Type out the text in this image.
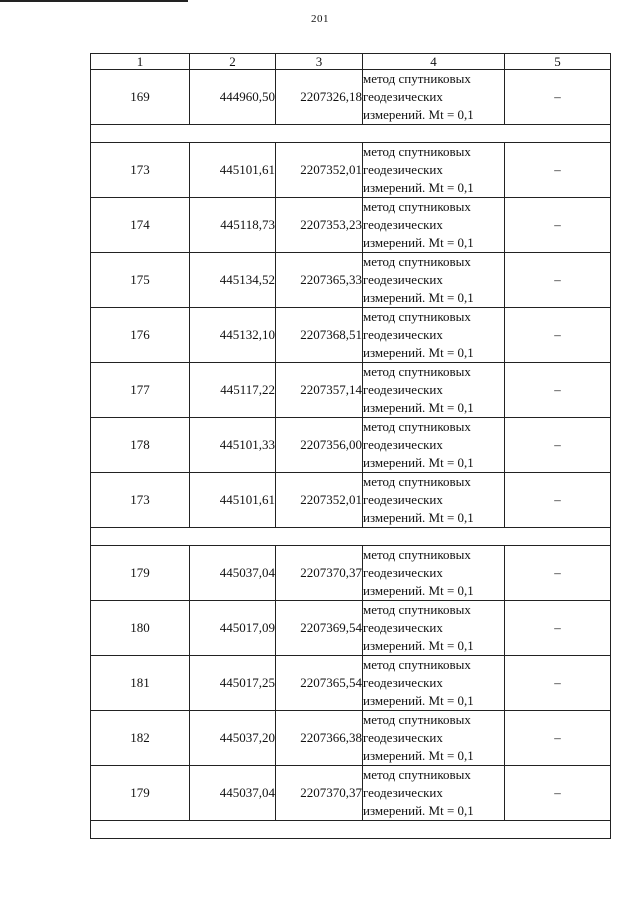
201
1	2	3	4	5
169	444960,50	2207326,18	метод спутниковых
геодезических
измерений. Mt = 0,1	–

173	445101,61	2207352,01	метод спутниковых
геодезических
измерений. Mt = 0,1	–
174	445118,73	2207353,23	метод спутниковых
геодезических
измерений. Mt = 0,1	–
175	445134,52	2207365,33	метод спутниковых
геодезических
измерений. Mt = 0,1	–
176	445132,10	2207368,51	метод спутниковых
геодезических
измерений. Mt = 0,1	–
177	445117,22	2207357,14	метод спутниковых
геодезических
измерений. Mt = 0,1	–
178	445101,33	2207356,00	метод спутниковых
геодезических
измерений. Mt = 0,1	–
173	445101,61	2207352,01	метод спутниковых
геодезических
измерений. Mt = 0,1	–

179	445037,04	2207370,37	метод спутниковых
геодезических
измерений. Mt = 0,1	–
180	445017,09	2207369,54	метод спутниковых
геодезических
измерений. Mt = 0,1	–
181	445017,25	2207365,54	метод спутниковых
геодезических
измерений. Mt = 0,1	–
182	445037,20	2207366,38	метод спутниковых
геодезических
измерений. Mt = 0,1	–
179	445037,04	2207370,37	метод спутниковых
геодезических
измерений. Mt = 0,1	–
